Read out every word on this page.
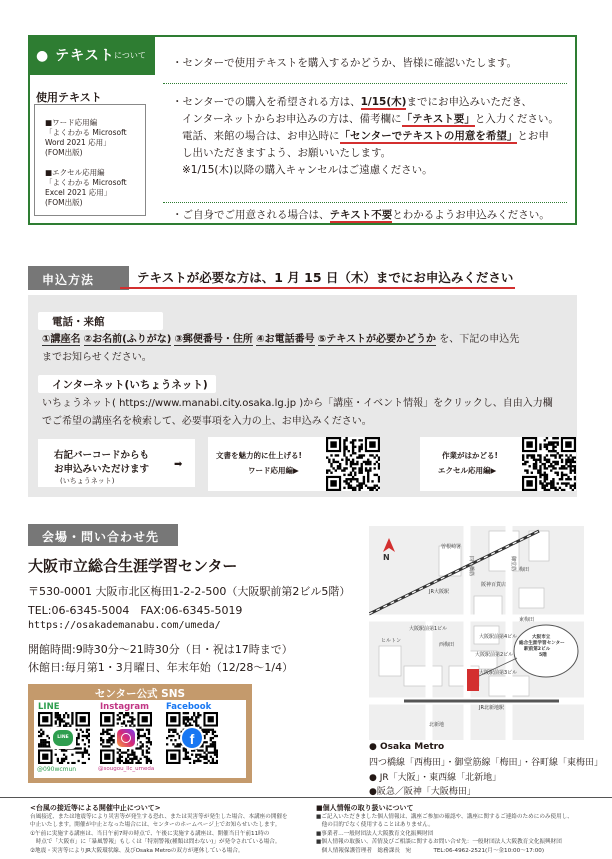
● テキスト について
使用テキスト
■ワード応用編
「よくわかる Microsoft
Word 2021 応用」
(FOM出版)
■エクセル応用編
「よくわかる Microsoft
Excel 2021 応用」
(FOM出版)
・センターで使用テキストを購入するかどうか、皆様に確認いたします。
・センターでの購入を希望される方は、1/15(木)までにお申込みいただき、
インターネットからお申込みの方は、備考欄に「テキスト要」と入力ください。
電話、来館の場合は、お申込時に「センターでテキストの用意を希望」とお申
し出いただきますよう、お願いいたします。
※1/15(木)以降の購入キャンセルはご遠慮ください。
・ご自身でご用意される場合は、テキスト不要とわかるようお申込みください。
申込方法	テキストが必要な方は、1 月 15 日（木）までにお申込みください
電話・来館
①講座名 ②お名前(ふりがな) ③郵便番号・住所 ④お電話番号 ⑤テキストが必要かどうか を、下記の申込先
までお知らせください。
インターネット(いちょうネット)
いちょうネット( https://www.manabi.city.osaka.lg.jp )から「講座・イベント情報」をクリックし、自由入力欄
でご希望の講座名を検索して、必要事項を入力の上、お申込みください。
右記バーコードからも
お申込みいただけます
(いちょうネット)
➡
文書を魅力的に仕上げる!
ワード応用編▶
作業がはかどる!
エクセル応用編▶
会場・問い合わせ先
大阪市立総合生涯学習センター
〒530-0001 大阪市北区梅田1-2-2-500（大阪駅前第2ビル5階）
TEL:06-6345-5004　FAX:06-6345-5019
https://osakademanabu.com/umeda/
開館時間:9時30分～21時30分（日・祝は17時まで）
休館日:毎月第1・3月曜日、年末年始（12/28～1/4）
センター公式 SNS
LINE
LINE
@090wcmun
Instagram
@sougou_llc_umeda
Facebook
f
N
曽根崎署
JR大阪駅
大阪駅前第1ビル
大阪駅前第2ビル
大阪駅前第3ビル
大阪駅前第4ビル
阪神百貨店
JR北新地駅
大阪市立 総合生涯学習センター 駅前第2ビル 5階
御堂筋
四つ橋筋
北新地
梅田
西梅田
東梅田
ヒルトン
● Osaka Metro
四つ橋線「西梅田」・御堂筋線「梅田」・谷町線「東梅田」
● JR「大阪」・東西線「北新地」
●阪急／阪神「大阪梅田」
<台風の接近等による開催中止について>
台風接近、または地震等により災害等が発生する恐れ、または災害等が発生した場合、本講座の開催を
中止いたします。開催が中止となった場合には、センターのホームページ上でお知らせいたします。
①午前に実施する講座は、当日午前7時の時点で、午後に実施する講座は、開催当日午前11時の
　時点で「大阪市」に「暴風警報」もしくは「特別警報(種類は問わない)」が発令されている場合。
②地震・災害等によりJR大阪環状線、及びOsaka Metroの双方が運休している場合。
■個人情報の取り扱いについて
■ご記入いただきました個人情報は、講座ご参加の確認や、講座に関するご連絡のためにのみ使用し、
　他の目的でなく使用することはありません。
■事業者…一般財団法人大阪教育文化振興財団
■個人情報の取扱い、苦情及びご相談に関するお問い合せ先：一般財団法人大阪教育文化振興財団
　個人情報保護管理者　総務課長　宛　　　　TEL:06-4962-2521(月～金10:00～17:00)
